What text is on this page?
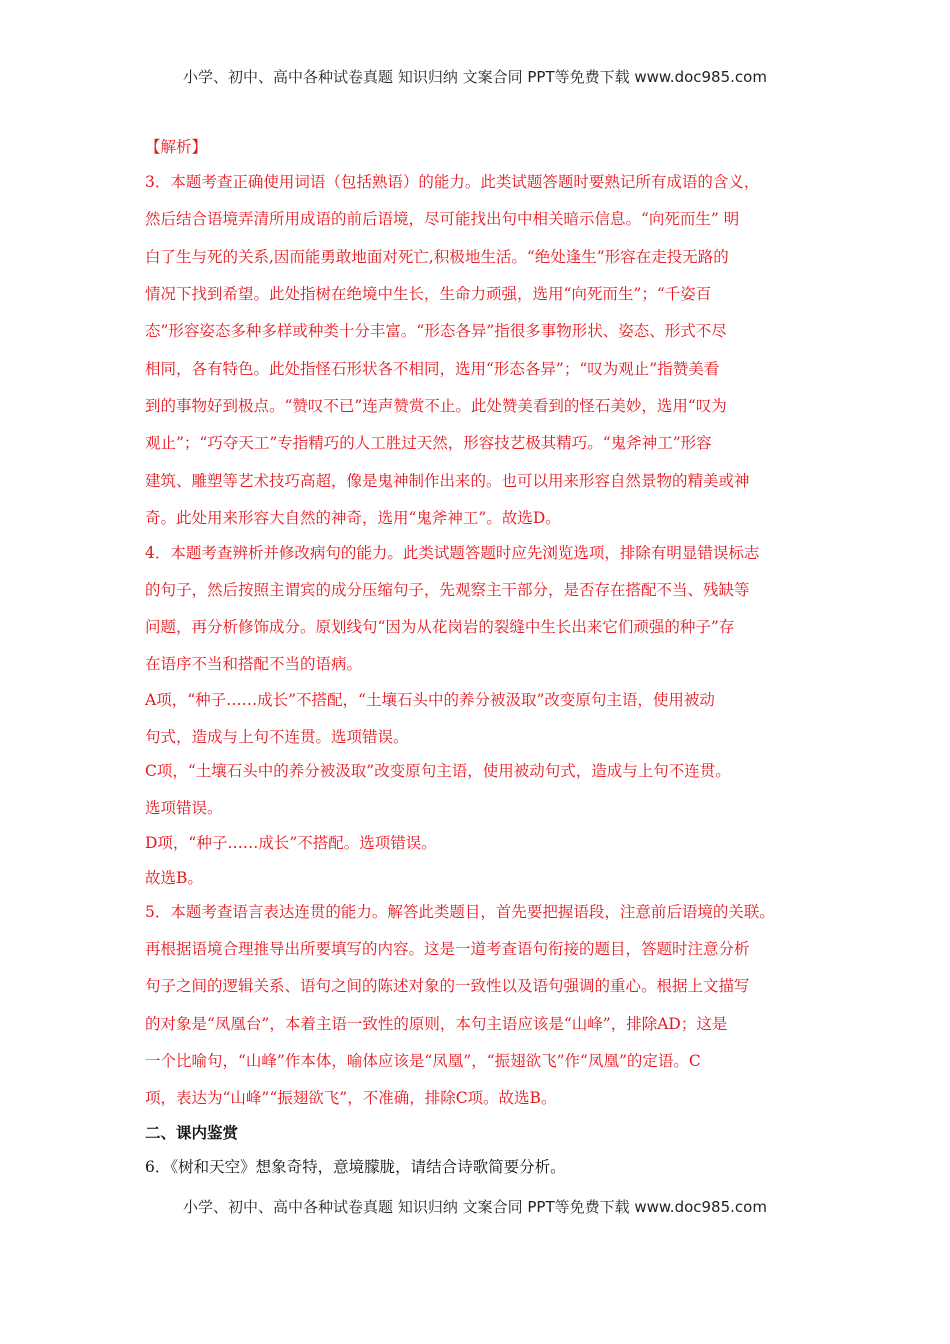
小学、初中、高中各种试卷真题 知识归纳 文案合同 PPT等免费下载 www.doc985.com
【解析】
3．本题考查正确使用词语（包括熟语）的能力。此类试题答题时要熟记所有成语的含义，
然后结合语境弄清所用成语的前后语境，尽可能找出句中相关暗示信息。“向死而生” 明
白了生与死的关系,因而能勇敢地面对死亡,积极地生活。“绝处逢生”形容在走投无路的
情况下找到希望。此处指树在绝境中生长，生命力顽强，选用“向死而生”；“千姿百
态”形容姿态多种多样或种类十分丰富。“形态各异”指很多事物形状、姿态、形式不尽
相同，各有特色。此处指怪石形状各不相同，选用“形态各异”；“叹为观止”指赞美看
到的事物好到极点。“赞叹不已”连声赞赏不止。此处赞美看到的怪石美妙，选用“叹为
观止”；“巧夺天工”专指精巧的人工胜过天然，形容技艺极其精巧。“鬼斧神工”形容
建筑、雕塑等艺术技巧高超，像是鬼神制作出来的。也可以用来形容自然景物的精美或神
奇。此处用来形容大自然的神奇，选用“鬼斧神工”。故选D。
4．本题考查辨析并修改病句的能力。此类试题答题时应先浏览选项，排除有明显错误标志
的句子，然后按照主谓宾的成分压缩句子，先观察主干部分，是否存在搭配不当、残缺等
问题，再分析修饰成分。原划线句“因为从花岗岩的裂缝中生长出来它们顽强的种子”存
在语序不当和搭配不当的语病。
A项，“种子……成长”不搭配，“土壤石头中的养分被汲取”改变原句主语，使用被动
句式，造成与上句不连贯。选项错误。
C项，“土壤石头中的养分被汲取”改变原句主语，使用被动句式，造成与上句不连贯。
选项错误。
D项，“种子……成长”不搭配。选项错误。
故选B。
5．本题考查语言表达连贯的能力。解答此类题目，首先要把握语段，注意前后语境的关联。
再根据语境合理推导出所要填写的内容。这是一道考查语句衔接的题目，答题时注意分析
句子之间的逻辑关系、语句之间的陈述对象的一致性以及语句强调的重心。根据上文描写
的对象是“凤凰台”，本着主语一致性的原则，本句主语应该是“山峰”，排除AD；这是
一个比喻句，“山峰”作本体，喻体应该是“凤凰”，“振翅欲飞”作“凤凰”的定语。C
项，表达为“山峰”“振翅欲飞”，不准确，排除C项。故选B。
二、课内鉴赏
6．《树和天空》想象奇特，意境朦胧，请结合诗歌简要分析。
小学、初中、高中各种试卷真题 知识归纳 文案合同 PPT等免费下载 www.doc985.com
